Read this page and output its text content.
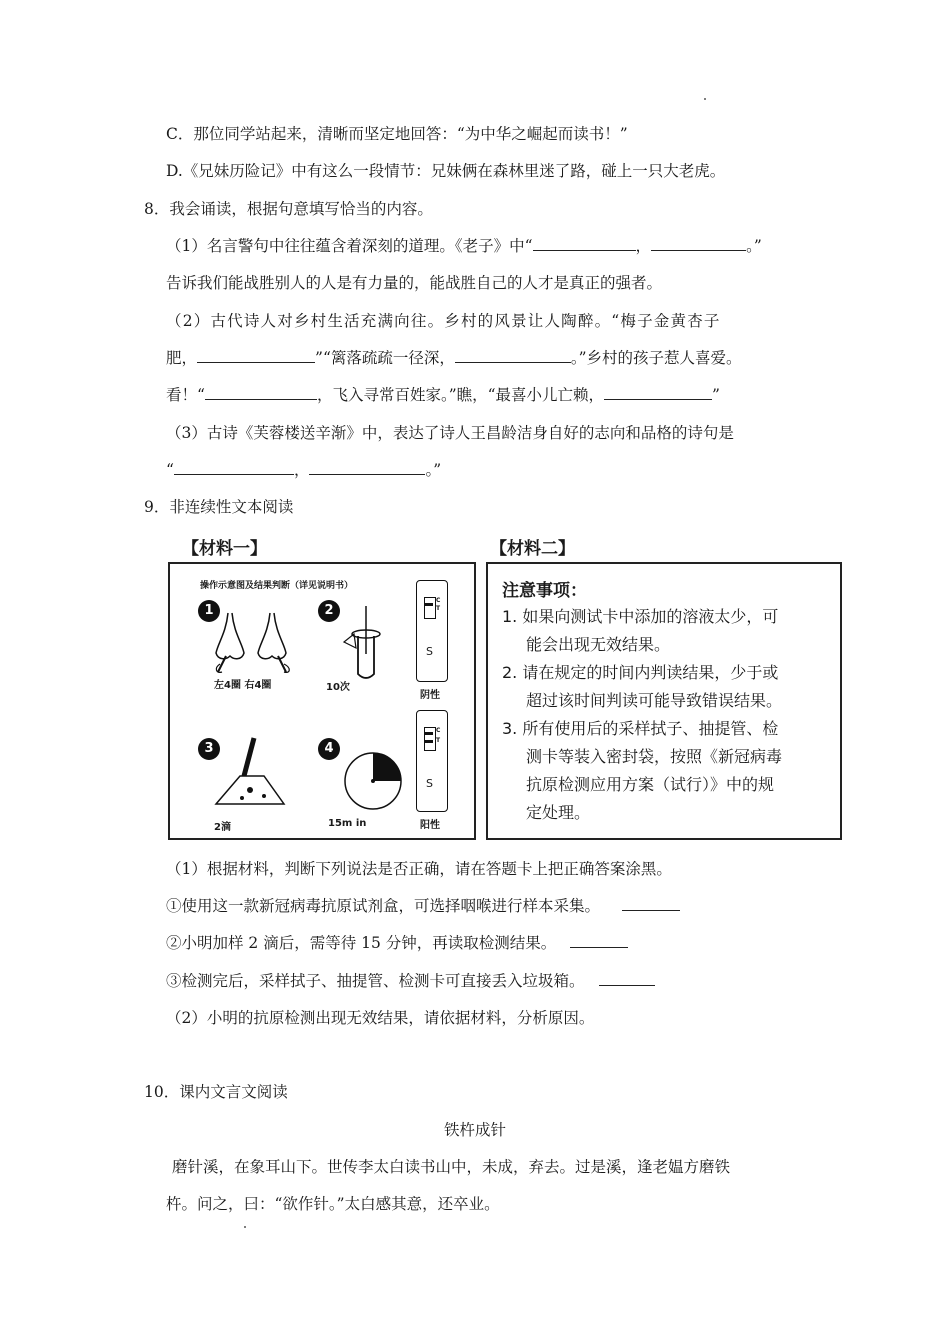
C．那位同学站起来，清晰而坚定地回答：“为中华之崛起而读书！”
D.《兄妹历险记》中有这么一段情节：兄妹俩在森林里迷了路，碰上一只大老虎。
8．我会诵读，根据句意填写恰当的内容。
（1）名言警句中往往蕴含着深刻的道理。《老子》中“	，	。”
告诉我们能战胜别人的人是有力量的，能战胜自己的人才是真正的强者。
（2）古代诗人对乡村生活充满向往。乡村的风景让人陶醉。“梅子金黄杏子
肥，	”“篱落疏疏一径深，	。”乡村的孩子惹人喜爱。
看！“	，飞入寻常百姓家。”瞧，“最喜小儿亡赖，	”
（3）古诗《芙蓉楼送辛渐》中，表达了诗人王昌龄洁身自好的志向和品格的诗句是
“	，	。”
9．非连续性文本阅读
【材料一】	【材料二】
操作示意图及结果判断（详见说明书）
1	2
3	4
左4圈 右4圈	10次
2滴	15m in
C
T
S
阴性
C
T
S
阳性
注意事项：
1. 如果向测试卡中添加的溶液太少，可
能会出现无效结果。
2. 请在规定的时间内判读结果，少于或
超过该时间判读可能导致错误结果。
3. 所有使用后的采样拭子、抽提管、检
测卡等装入密封袋，按照《新冠病毒
抗原检测应用方案（试行）》中的规
定处理。
（1）根据材料，判断下列说法是否正确，请在答题卡上把正确答案涂黑。
①使用这一款新冠病毒抗原试剂盒，可选择咽喉进行样本采集。
②小明加样 2 滴后，需等待 15 分钟，再读取检测结果。
③检测完后，采样拭子、抽提管、检测卡可直接丢入垃圾箱。
（2）小明的抗原检测出现无效结果，请依据材料，分析原因。
10．课内文言文阅读
铁杵成针
磨针溪，在象耳山下。世传李太白读书山中，未成，弃去。过是溪，逢老媪方磨铁
杵。问之，曰：“欲作针。”太白感其意，还卒业。
